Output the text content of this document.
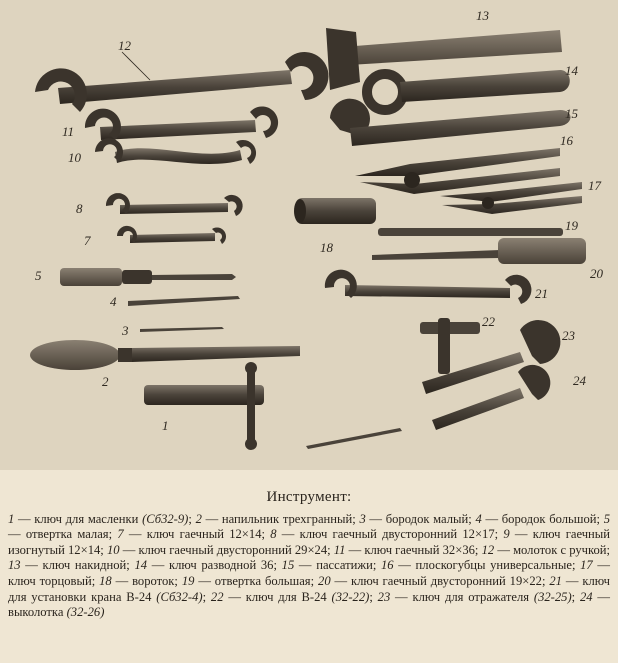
12
13
14
15
16
17
11
10
8
7	18
19
20
21
22
23
24
5
4
3
2
1
Инструмент:

1 — ключ для масленки (Сб32-9); 2 — напильник трехгранный; 3 — бородок малый; 4 — бородок большой; 5 — отвертка малая; 7 — ключ гаечный 12×14; 8 — ключ гаечный двусторонний 12×17; 9 — ключ гаечный изогнутый 12×14; 10 — ключ гаечный двусторонний 29×24; 11 — ключ гаечный 32×36; 12 — молоток с ручкой; 13 — ключ накидной; 14 — ключ разводной 36; 15 — пассатижи; 16 — плоскогубцы универсальные; 17 — ключ торцовый; 18 — вороток; 19 — отвертка большая; 20 — ключ гаечный двусторонний 19×22; 21 — ключ для установки крана В-24 (Сб32-4); 22 — ключ для В-24 (32-22); 23 — ключ для отражателя (32-25); 24 — выколотка (32-26)
